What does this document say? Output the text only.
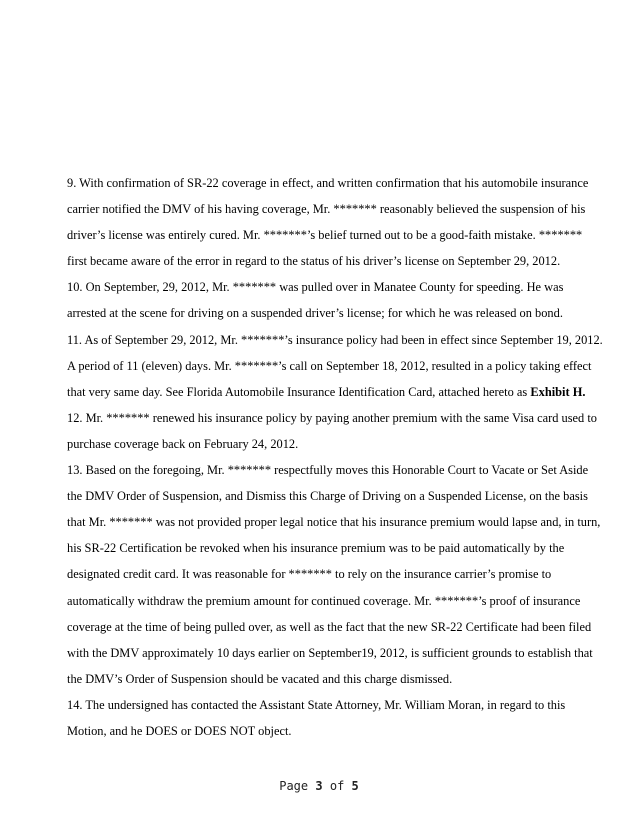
9. With confirmation of SR-22 coverage in effect, and written confirmation that his automobile insurance carrier notified the DMV of his having coverage, Mr. ******* reasonably believed the suspension of his driver’s license was entirely cured. Mr. *******’s belief turned out to be a good-faith mistake. ******* first became aware of the error in regard to the status of his driver’s license on September 29, 2012.

10. On September, 29, 2012, Mr. ******* was pulled over in Manatee County for speeding. He was arrested at the scene for driving on a suspended driver’s license; for which he was released on bond.

11. As of September 29, 2012, Mr. *******’s insurance policy had been in effect since September 19, 2012. A period of 11 (eleven) days. Mr. *******’s call on September 18, 2012, resulted in a policy taking effect that very same day. See Florida Automobile Insurance Identification Card, attached hereto as Exhibit H.

12. Mr. ******* renewed his insurance policy by paying another premium with the same Visa card used to purchase coverage back on February 24, 2012.

13. Based on the foregoing, Mr. ******* respectfully moves this Honorable Court to Vacate or Set Aside the DMV Order of Suspension, and Dismiss this Charge of Driving on a Suspended License, on the basis that Mr. ******* was not provided proper legal notice that his insurance premium would lapse and, in turn, his SR-22 Certification be revoked when his insurance premium was to be paid automatically by the designated credit card. It was reasonable for ******* to rely on the insurance carrier’s promise to automatically withdraw the premium amount for continued coverage. Mr. *******’s proof of insurance coverage at the time of being pulled over, as well as the fact that the new SR-22 Certificate had been filed with the DMV approximately 10 days earlier on September19, 2012, is sufficient grounds to establish that the DMV’s Order of Suspension should be vacated and this charge dismissed.

14. The undersigned has contacted the Assistant State Attorney, Mr. William Moran, in regard to this Motion, and he DOES or DOES NOT object.

Page 3 of 5
